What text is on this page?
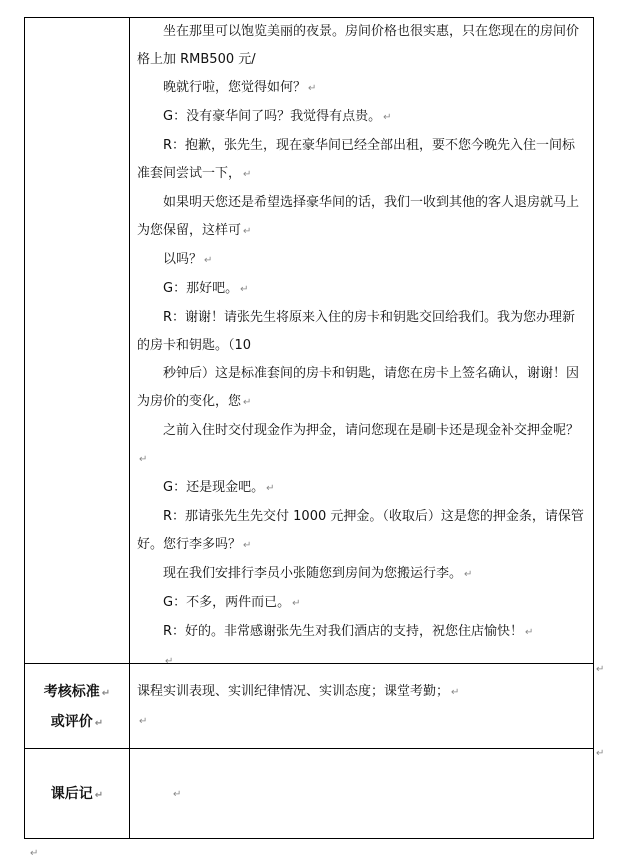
坐在那里可以饱览美丽的夜景。房间价格也很实惠，只在您现在的房间价格上加 RMB500 元/
晚就行啦，您觉得如何？ ↵
G：没有豪华间了吗？我觉得有点贵。 ↵
R：抱歉，张先生，现在豪华间已经全部出租，要不您今晚先入住一间标准套间尝试一下， ↵
如果明天您还是希望选择豪华间的话，我们一收到其他的客人退房就马上为您保留，这样可 ↵
以吗？ ↵
G：那好吧。 ↵
R：谢谢！请张先生将原来入住的房卡和钥匙交回给我们。我为您办理新的房卡和钥匙。（10
秒钟后）这是标准套间的房卡和钥匙，请您在房卡上签名确认，谢谢！因为房价的变化，您 ↵
之前入住时交付现金作为押金，请问您现在是刷卡还是现金补交押金呢？↵
G：还是现金吧。 ↵
R：那请张先生先交付 1000 元押金。（收取后）这是您的押金条，请保管好。您行李多吗？ ↵
现在我们安排行李员小张随您到房间为您搬运行李。 ↵
G：不多，两件而已。 ↵
R：好的。非常感谢张先生对我们酒店的支持，祝您住店愉快！ ↵
↵
考核标准 ↵
或评价 ↵
课程实训表现、实训纪律情况、实训态度；课堂考勤； ↵
↵
课后记 ↵	↵
↵
↵
↵
